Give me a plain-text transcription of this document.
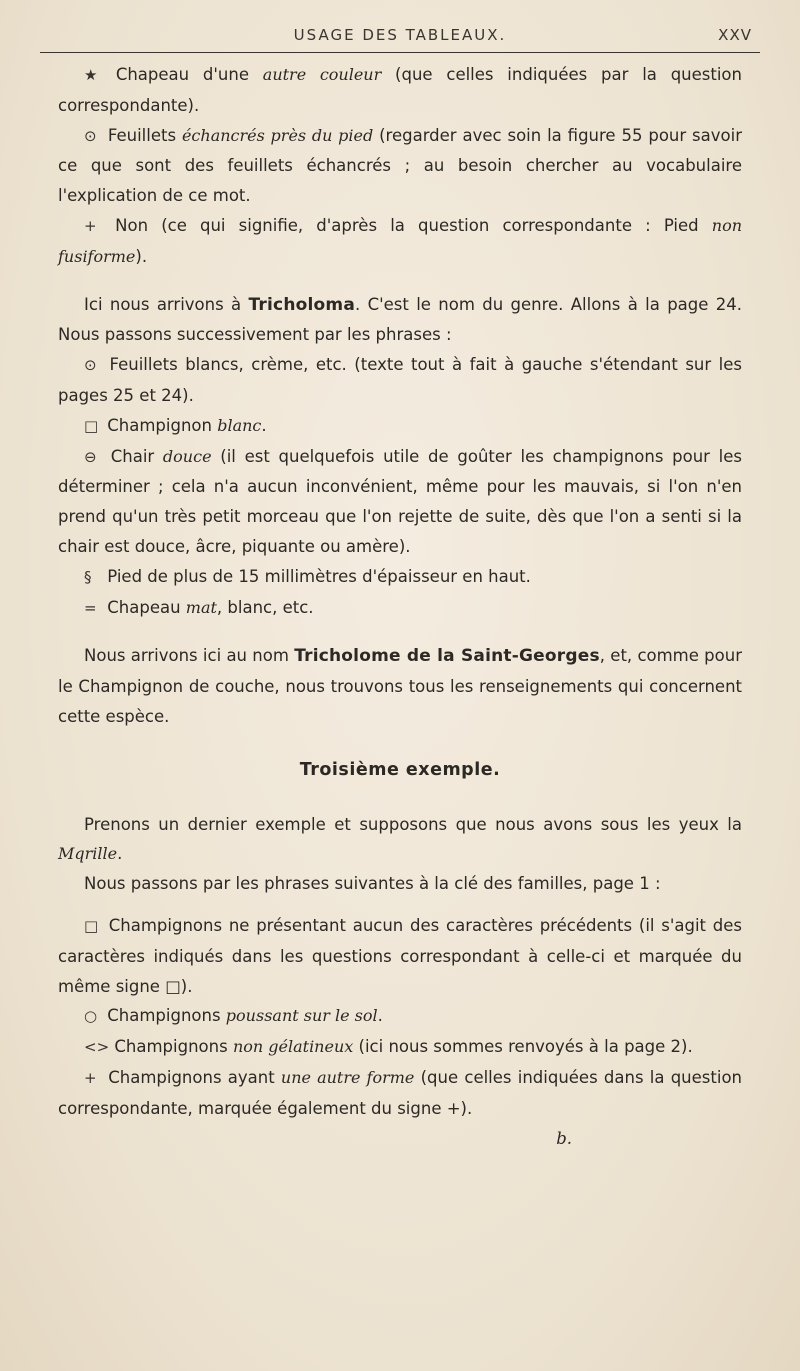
USAGE DES TABLEAUX.	XXV

★ Chapeau d'une autre couleur (que celles indiquées par la question correspondante).

⊙ Feuillets échancrés près du pied (regarder avec soin la figure 55 pour savoir ce que sont des feuillets échancrés ; au besoin chercher au vocabulaire l'explication de ce mot.

+ Non (ce qui signifie, d'après la question correspondante : Pied non fusiforme).

Ici nous arrivons à Tricholoma. C'est le nom du genre. Allons à la page 24. Nous passons successivement par les phrases :

⊙ Feuillets blancs, crème, etc. (texte tout à fait à gauche s'étendant sur les pages 25 et 24).

□ Champignon blanc.

⊖ Chair douce (il est quelquefois utile de goûter les champignons pour les déterminer ; cela n'a aucun inconvénient, même pour les mauvais, si l'on n'en prend qu'un très petit morceau que l'on rejette de suite, dès que l'on a senti si la chair est douce, âcre, piquante ou amère).

§ Pied de plus de 15 millimètres d'épaisseur en haut.

= Chapeau mat, blanc, etc.

Nous arrivons ici au nom Tricholome de la Saint-Georges, et, comme pour le Champignon de couche, nous trouvons tous les renseignements qui concernent cette espèce.

Troisième exemple.

Prenons un dernier exemple et supposons que nous avons sous les yeux la Mqrille.

Nous passons par les phrases suivantes à la clé des familles, page 1 :

□ Champignons ne présentant aucun des caractères précédents (il s'agit des caractères indiqués dans les questions correspondant à celle-ci et marquée du même signe □).

○ Champignons poussant sur le sol.

<> Champignons non gélatineux (ici nous sommes renvoyés à la page 2).

+ Champignons ayant une autre forme (que celles indiquées dans la question correspondante, marquée également du signe +).

b.
